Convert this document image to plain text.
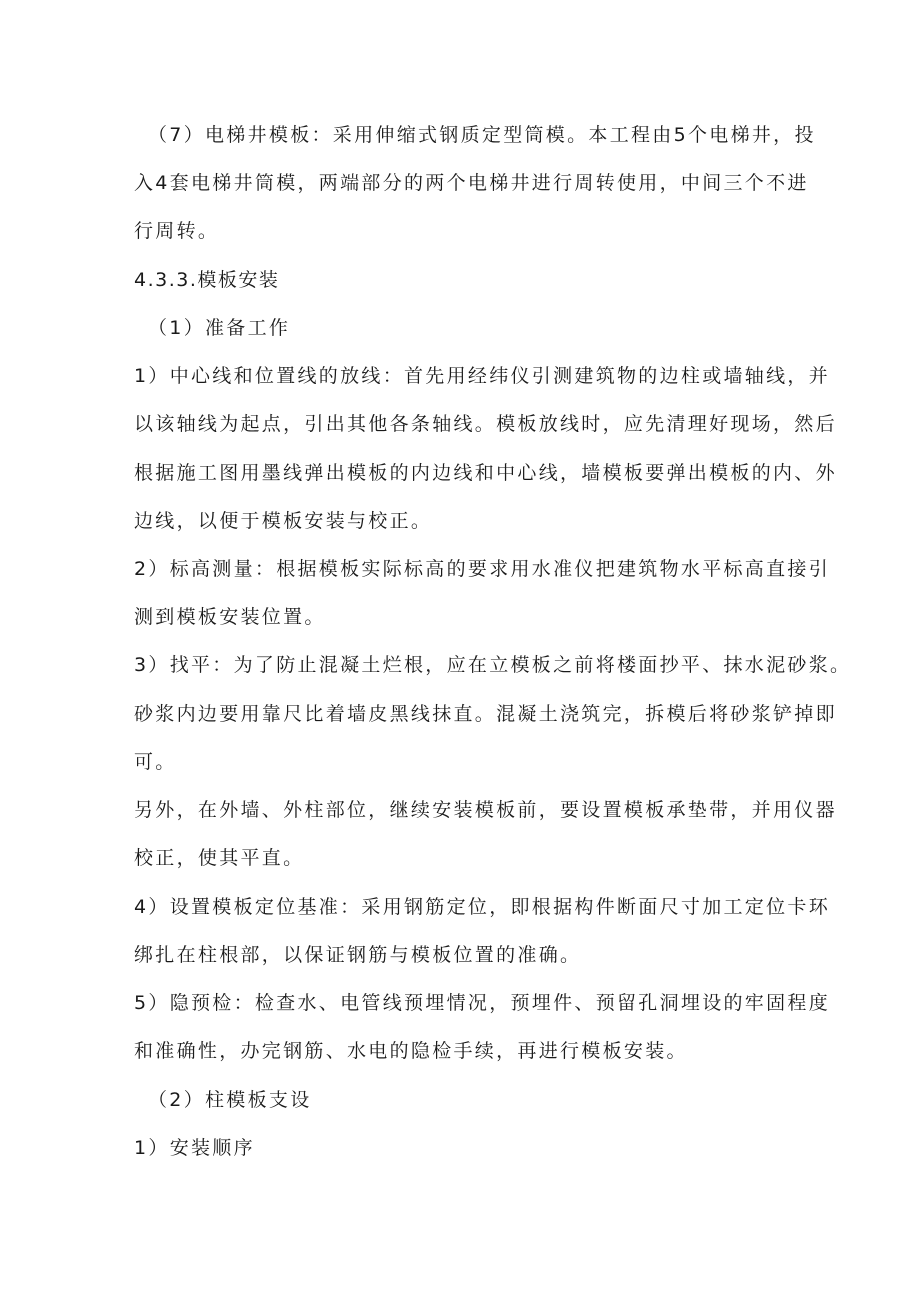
（7）电梯井模板：采用伸缩式钢质定型筒模。本工程由5个电梯井，投
入4套电梯井筒模，两端部分的两个电梯井进行周转使用，中间三个不进
行周转。
4.3.3.模板安装
（1）准备工作
1）中心线和位置线的放线：首先用经纬仪引测建筑物的边柱或墙轴线，并
以该轴线为起点，引出其他各条轴线。模板放线时，应先清理好现场，然后
根据施工图用墨线弹出模板的内边线和中心线，墙模板要弹出模板的内、外
边线，以便于模板安装与校正。
2）标高测量：根据模板实际标高的要求用水准仪把建筑物水平标高直接引
测到模板安装位置。
3）找平：为了防止混凝土烂根，应在立模板之前将楼面抄平、抹水泥砂浆。
砂浆内边要用靠尺比着墙皮黑线抹直。混凝土浇筑完，拆模后将砂浆铲掉即
可。
另外，在外墙、外柱部位，继续安装模板前，要设置模板承垫带，并用仪器
校正，使其平直。
4）设置模板定位基准：采用钢筋定位，即根据构件断面尺寸加工定位卡环
绑扎在柱根部，以保证钢筋与模板位置的准确。
5）隐预检：检查水、电管线预埋情况，预埋件、预留孔洞埋设的牢固程度
和准确性，办完钢筋、水电的隐检手续，再进行模板安装。
（2）柱模板支设
1）安装顺序
